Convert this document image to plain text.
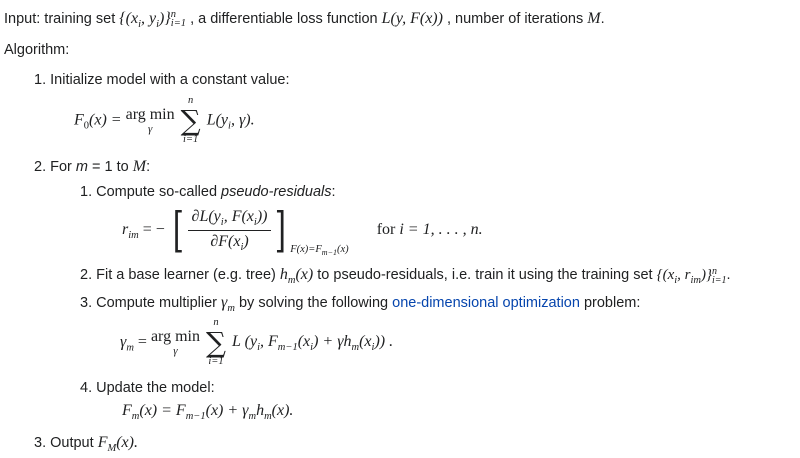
Input: training set {($x_i$, $y_i$)} n
i=1 , a differentiable loss function L(y, F(x)) , number of iterations M.
Algorithm:
1. Initialize model with a constant value:
$F_0(x)$ = arg min
γ

n
∑
i=1
$L(y_i$, γ).
2. For m = 1 to M:
1. Compute so-called pseudo-residuals:
$r_{im}$ = − [ $\frac{\partial L(y_i, F(x_i))}{\partial F(x_i)}$ ] $_{F(x)=F_{m-1}(x)}$  for i = 1, . . . , n.
2. Fit a base learner (e.g. tree) $h_m(x)$ to pseudo-residuals, i.e. train it using the training set {($x_i$, $r_{im}$)} n
i=1 .
3. Compute multiplier $\gamma_m$ by solving the following one-dimensional optimization problem:
$\gamma_m$ = arg min
γ

n
∑
i=1
L ($y_i$, $F_{m-1}(x_i) + \gamma h_m(x_i)$) .
4. Update the model:
$F_m(x) = F_{m-1}(x) + \gamma_mh_m(x)$.
3. Output $F_M(x)$.
